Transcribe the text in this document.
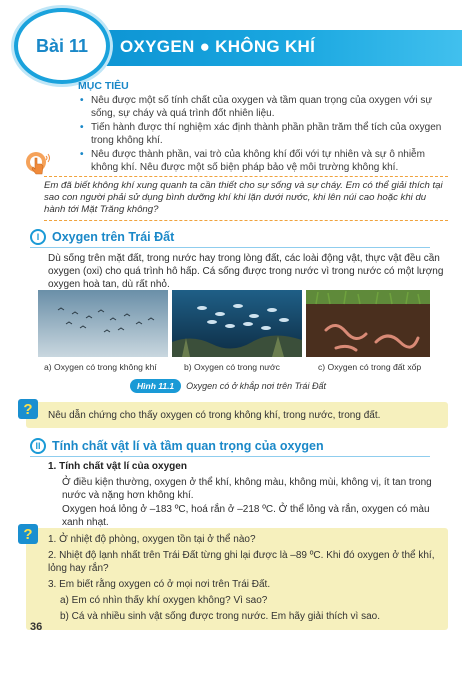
Bài 11 OXYGEN ● KHÔNG KHÍ
MỤC TIÊU
• Nêu được một số tính chất của oxygen và tầm quan trọng của oxygen với sự sống, sự cháy và quá trình đốt nhiên liệu.
• Tiến hành được thí nghiệm xác định thành phần phần trăm thể tích của oxygen trong không khí.
• Nêu được thành phần, vai trò của không khí đối với tự nhiên và sự ô nhiễm không khí. Nêu được một số biện pháp bảo vệ môi trường không khí.
Em đã biết không khí xung quanh ta cần thiết cho sự sống và sự cháy. Em có thể giải thích tại sao con người phải sử dụng bình dưỡng khí khi lặn dưới nước, khi lên núi cao hoặc khi du hành tới Mặt Trăng không?
I	Oxygen trên Trái Đất
Dù sống trên mặt đất, trong nước hay trong lòng đất, các loài động vật, thực vật đều cần oxygen (oxi) cho quá trình hô hấp. Cá sống được trong nước vì trong nước có một lượng oxygen hoà tan, dù rất nhỏ.
a) Oxygen có trong không khí	b) Oxygen có trong nước	c) Oxygen có trong đất xốp
Hình 11.1	Oxygen có ở khắp nơi trên Trái Đất
?	Nêu dẫn chứng cho thấy oxygen có trong không khí, trong nước, trong đất.
II Tính chất vật lí và tầm quan trọng của oxygen
1. Tính chất vật lí của oxygen
Ở điều kiện thường, oxygen ở thể khí, không màu, không mùi, không vị, ít tan trong nước và nặng hơn không khí.
Oxygen hoá lỏng ở –183 ºC, hoá rắn ở –218 ºC. Ở thể lỏng và rắn, oxygen có màu xanh nhạt.
?	1. Ở nhiệt độ phòng, oxygen tồn tại ở thể nào?
2. Nhiệt độ lạnh nhất trên Trái Đất từng ghi lại được là –89 ºC. Khi đó oxygen ở thể khí, lỏng hay rắn?
3. Em biết rằng oxygen có ở mọi nơi trên Trái Đất.
a) Em có nhìn thấy khí oxygen không? Vì sao?
b) Cá và nhiều sinh vật sống được trong nước. Em hãy giải thích vì sao.
36
